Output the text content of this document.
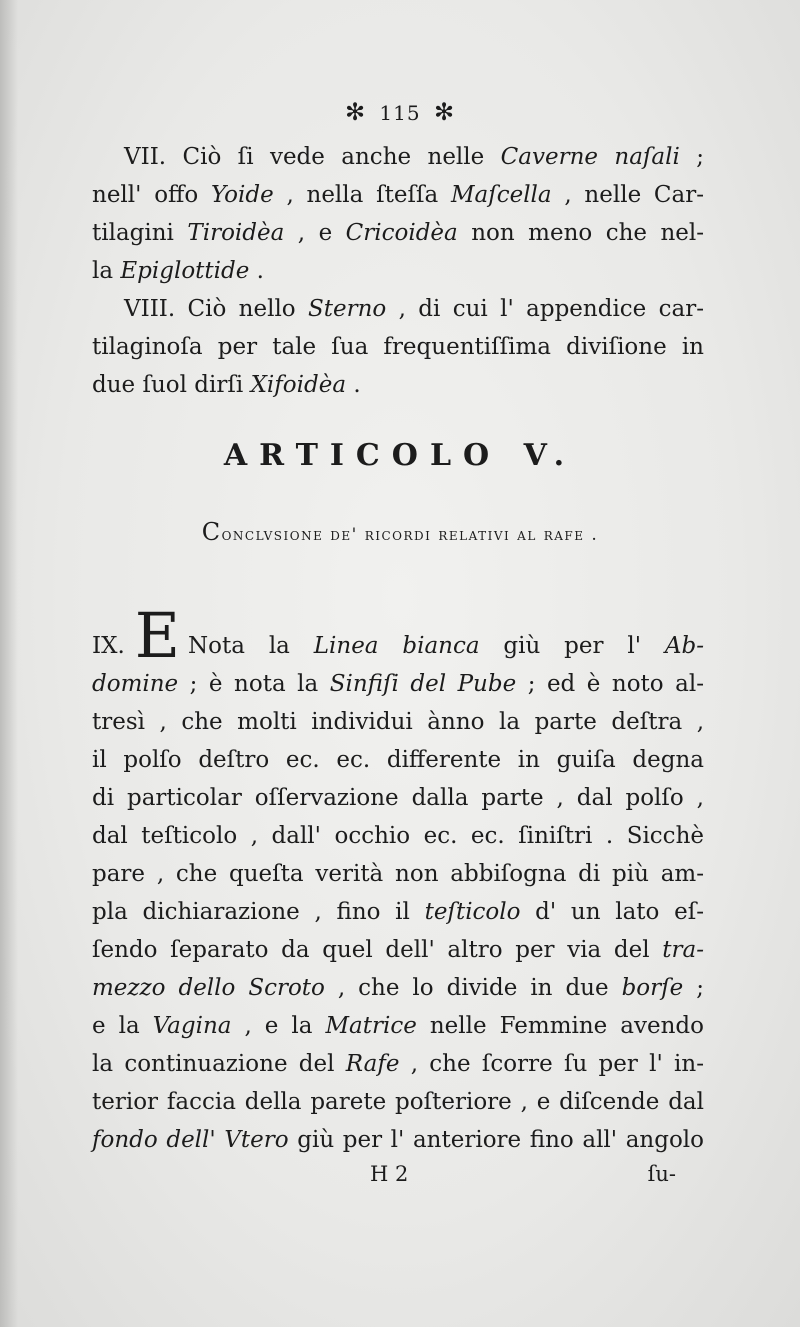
✻ 115 ✻
VII. Ciò ſi vede anche nelle Caverne naſali ;
nell' offo Yoide , nella ſteſſa Maſcella , nelle Car-
tilagini Tiroidèa , e Cricoidèa non meno che nel-
la Epiglottide .
VIII. Ciò nello Sterno , di cui l' appendice car-
tilaginoſa per tale ſua frequentiſſima diviſione in
due ſuol dirſi Xifoidèa .
ARTICOLO V.
Conclvsione de' ricordi relativi al rafe .
IX. E Nota la Linea bianca giù per l' Ab-
domine ; è nota la Sinfiſi del Pube ; ed è noto al-
tresì , che molti individui ànno la parte deſtra ,
il polſo deſtro ec. ec. differente in guiſa degna
di particolar oſſervazione dalla parte , dal polſo ,
dal teſticolo , dall' occhio ec. ec. ſiniſtri . Sicchè
pare , che queſta verità non abbiſogna di più am-
pla dichiarazione , fino il teſticolo d' un lato eſ-
ſendo ſeparato da quel dell' altro per via del tra-
mezzo dello Scroto , che lo divide in due borſe ;
e la Vagina , e la Matrice nelle Femmine avendo
la continuazione del Rafe , che ſcorre ſu per l' in-
terior faccia della parete poſteriore , e diſcende dal
fondo dell' Vtero giù per l' anteriore fino all' angolo
H 2	ſu-
